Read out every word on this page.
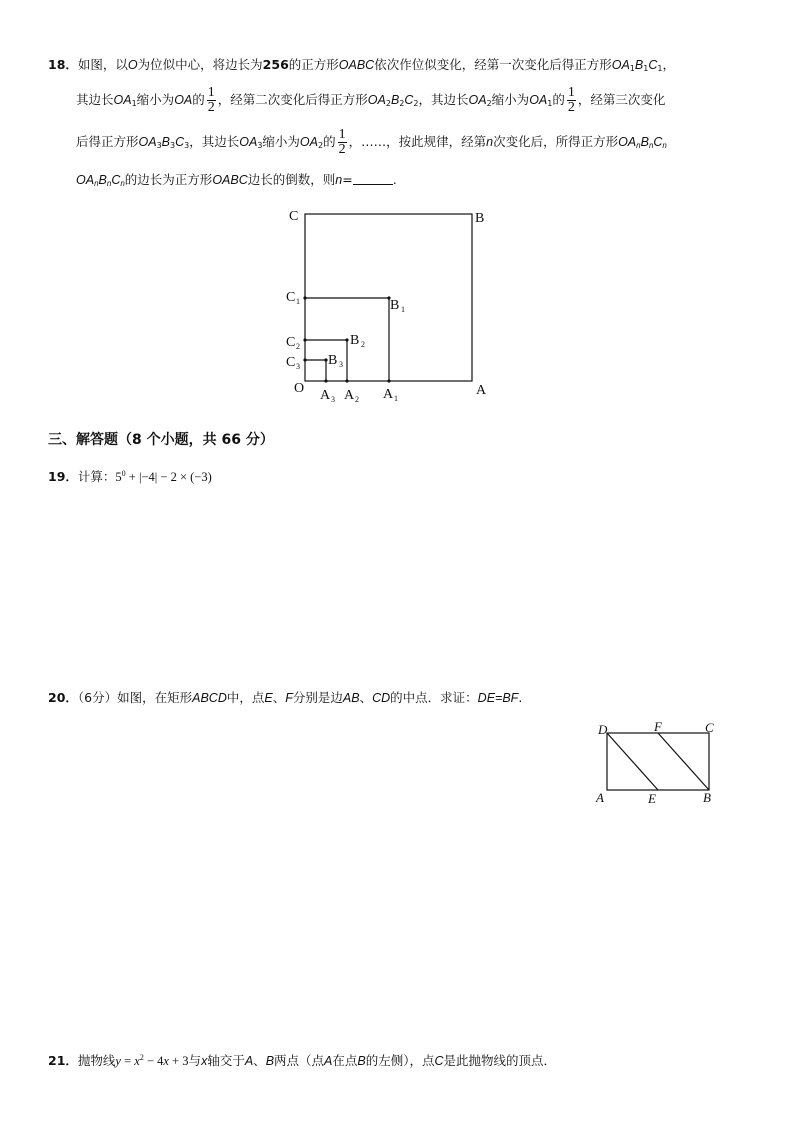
18．如图，以O为位似中心，将边长为256的正方形OABC依次作位似变化，经第一次变化后得正方形$OA_1B_1C_1$，
其边长$OA_1$缩小为OA的 $\frac{1}{2}$ ，经第二次变化后得正方形$OA_2B_2C_2$，其边长$OA_2$缩小为$OA_1$的 $\frac{1}{2}$ ，经第三次变化
后得正方形$OA_3B_3C_3$，其边长$OA_3$缩小为$OA_2$的 $\frac{1}{2}$ ，……，按此规律，经第n次变化后，所得正方形$OA_nB_nC_n$
$OA_nB_nC_n$的边长为正方形OABC边长的倒数，则n=	.
C	B
C 1	B 1
C 2	B 2
C 3 B 3
O A 3 A 2 A 1
A
三、解答题（8 个小题，共 66 分）
19．计算：$5^0 + |-4| - 2 \times (-3)$
20．（6分）如图，在矩形ABCD中，点E、F分别是边AB、CD的中点．求证：DE=BF.
D	F	C
A	E	B
21．抛物线$y = x^2 - 4x + 3$与x轴交于A、B两点（点A在点B的左侧），点C是此抛物线的顶点．
